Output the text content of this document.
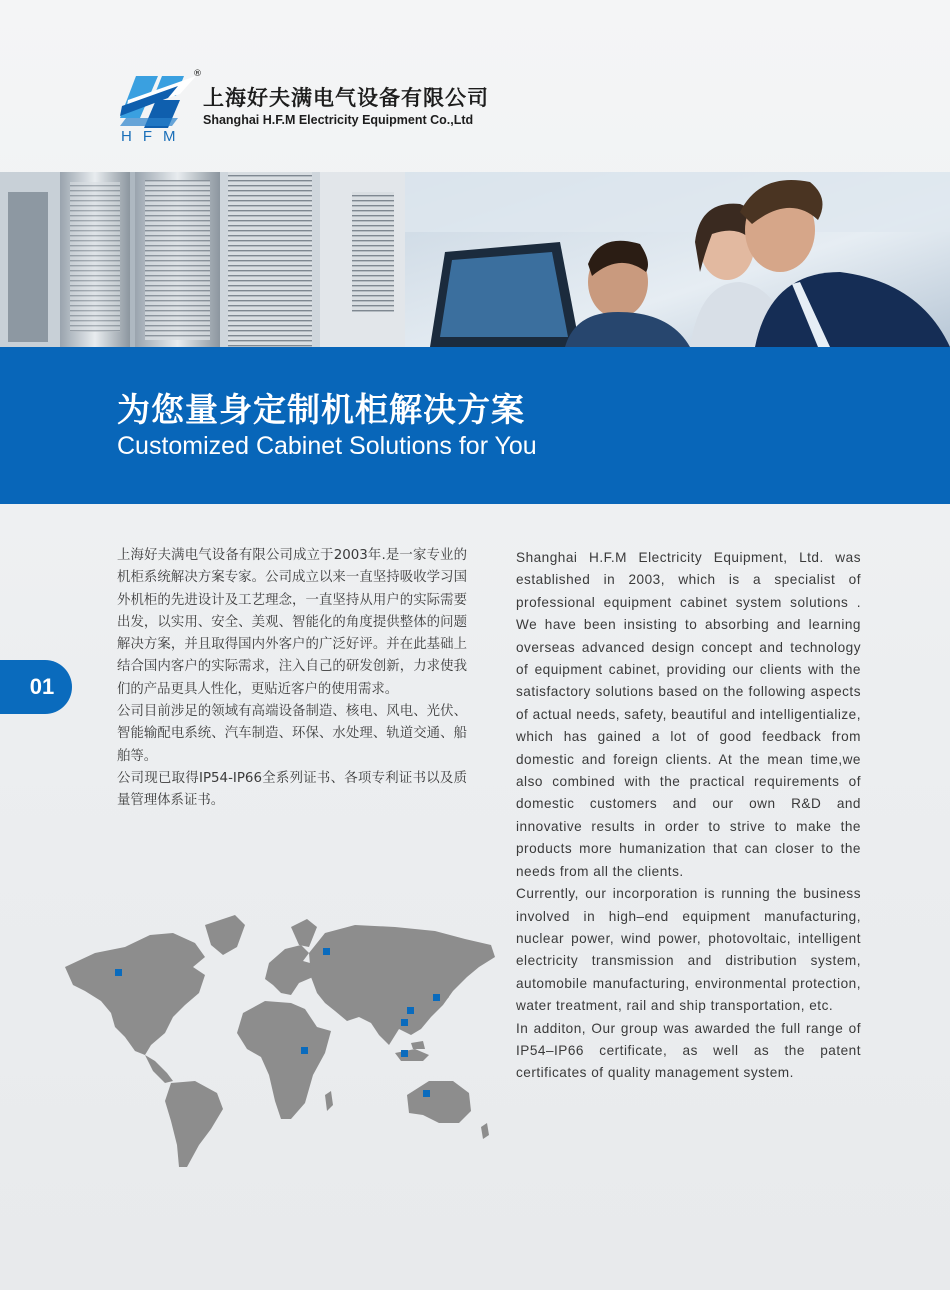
®
HFM
上海好夫满电气设备有限公司
Shanghai H.F.M Electricity Equipment Co.,Ltd
为您量身定制机柜解决方案
Customized Cabinet Solutions for You
01

上海好夫满电气设备有限公司成立于2003年.是一家专业的机柜系统解决方案专家。公司成立以来一直坚持吸收学习国外机柜的先进设计及工艺理念，一直坚持从用户的实际需要出发，以实用、安全、美观、智能化的角度提供整体的问题解决方案，并且取得国内外客户的广泛好评。并在此基础上结合国内客户的实际需求，注入自己的研发创新，力求使我们的产品更具人性化，更贴近客户的使用需求。

公司目前涉足的领域有高端设备制造、核电、风电、光伏、智能输配电系统、汽车制造、环保、水处理、轨道交通、船舶等。

公司现已取得IP54-IP66全系列证书、各项专利证书以及质量管理体系证书。

Shanghai H.F.M Electricity Equipment, Ltd. was established in 2003, which is a specialist of professional equipment cabinet system solutions . We have been insisting to absorbing and learning overseas advanced design concept and technology of equipment cabinet, providing our clients with the satisfactory solutions based on the following aspects of actual needs, safety, beautiful and intelligentialize, which has gained a lot of good feedback from domestic and foreign clients. At the mean time,we also combined with the practical requirements of domestic customers and our own R&D and innovative results in order to strive to make the products more humanization that can closer to the needs from all the clients.

Currently, our incorporation is running the business involved in high–end equipment manufacturing, nuclear power, wind power, photovoltaic, intelligent electricity transmission and distribution system, automobile manufacturing, environmental protection, water treatment, rail and ship transportation, etc.

In additon, Our group was awarded the full range of IP54–IP66 certificate, as well as the patent certificates of quality management system.
